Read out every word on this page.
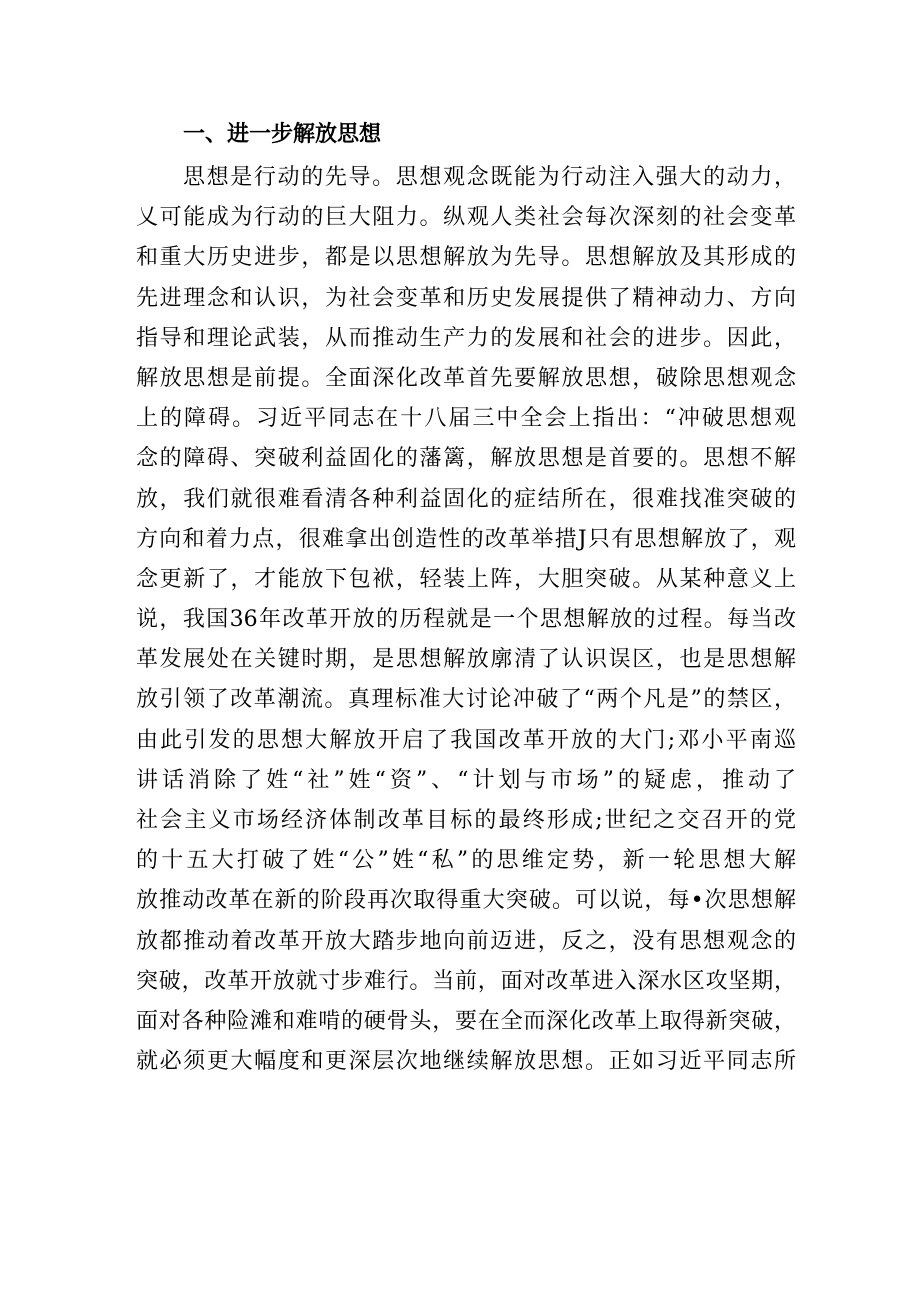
一、进一步解放思想
思想是行动的先导。思想观念既能为行动注入强大的动力，
乂可能成为行动的巨大阻力。纵观人类社会每次深刻的社会变革
和重大历史进步，都是以思想解放为先导。思想解放及其形成的
先进理念和认识，为社会变革和历史发展提供了精神动力、方向
指导和理论武装，从而推动生产力的发展和社会的进步。因此，
解放思想是前提。全面深化改革首先要解放思想，破除思想观念
上的障碍。习近平同志在十八届三中全会上指出：“冲破思想观
念的障碍、突破利益固化的藩篱，解放思想是首要的。思想不解
放，我们就很难看清各种利益固化的症结所在，很难找准突破的
方向和着力点，很难拿出创造性的改革举措J只有思想解放了，观
念更新了，才能放下包袱，轻装上阵，大胆突破。从某种意义上
说，我国36年改革开放的历程就是一个思想解放的过程。每当改
革发展处在关键时期，是思想解放廓清了认识误区，也是思想解
放引领了改革潮流。真理标准大讨论冲破了“两个凡是”的禁区，
由此引发的思想大解放开启了我国改革开放的大门;邓小平南巡
讲话消除了姓“社”姓“资”、“计划与市场”的疑虑，推动了
社会主义市场经济体制改革目标的最终形成;世纪之交召开的党
的十五大打破了姓“公”姓“私”的思维定势，新一轮思想大解
放推动改革在新的阶段再次取得重大突破。可以说，每•次思想解
放都推动着改革开放大踏步地向前迈进，反之，没有思想观念的
突破，改革开放就寸步难行。当前，面对改革进入深水区攻坚期，
面对各种险滩和难啃的硬骨头，要在全而深化改革上取得新突破，
就必须更大幅度和更深层次地继续解放思想。正如习近平同志所
